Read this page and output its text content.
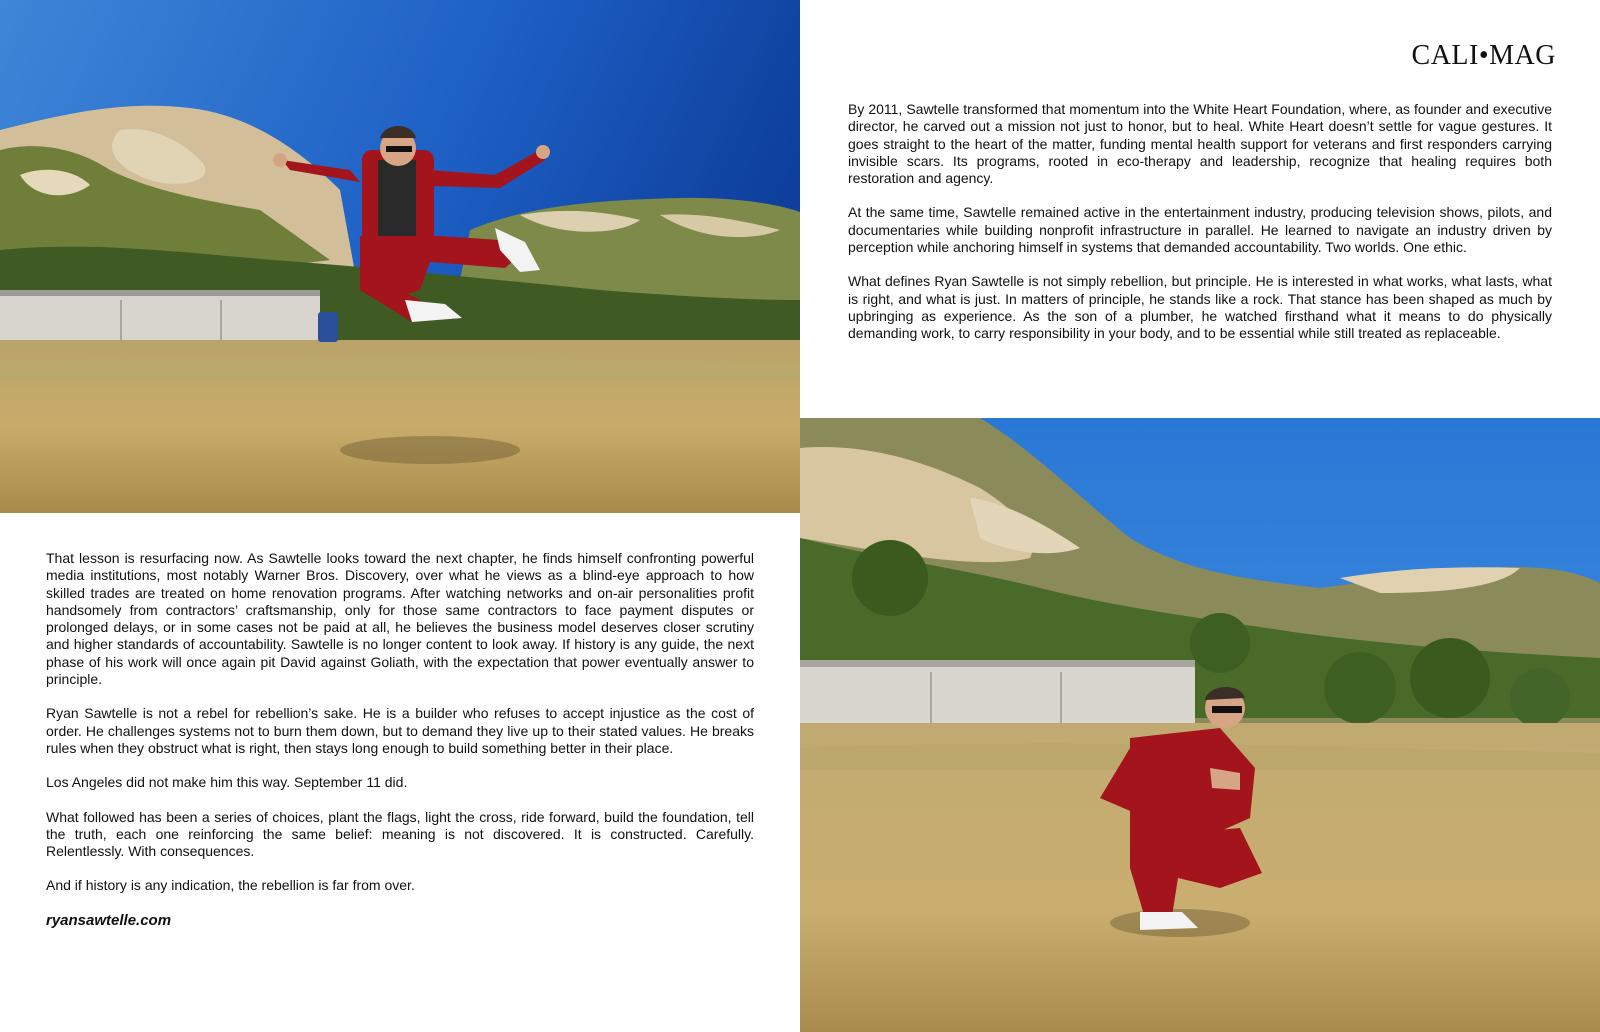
That lesson is resurfacing now. As Sawtelle looks toward the next chapter, he finds himself confronting powerful media institutions, most notably Warner Bros. Discovery, over what he views as a blind-eye approach to how skilled trades are treated on home renovation programs. After watching networks and on-air personalities profit handsomely from contractors’ craftsmanship, only for those same contractors to face payment disputes or prolonged delays, or in some cases not be paid at all, he believes the business model deserves closer scrutiny and higher standards of accountability. Sawtelle is no longer content to look away. If history is any guide, the next phase of his work will once again pit David against Goliath, with the expectation that power eventually answer to principle.

Ryan Sawtelle is not a rebel for rebellion’s sake. He is a builder who refuses to accept injustice as the cost of order. He challenges systems not to burn them down, but to demand they live up to their stated values. He breaks rules when they obstruct what is right, then stays long enough to build something better in their place.

Los Angeles did not make him this way. September 11 did.

What followed has been a series of choices, plant the flags, light the cross, ride forward, build the foundation, tell the truth, each one reinforcing the same belief: meaning is not discovered. It is constructed. Carefully. Relentlessly. With consequences.

And if history is any indication, the rebellion is far from over.

ryansawtelle.com
CALI•MAG

By 2011, Sawtelle transformed that momentum into the White Heart Foundation, where, as founder and executive director, he carved out a mission not just to honor, but to heal. White Heart doesn’t settle for vague gestures. It goes straight to the heart of the matter, funding mental health support for veterans and first responders carrying invisible scars. Its programs, rooted in eco-therapy and leadership, recognize that healing requires both restoration and agency.

At the same time, Sawtelle remained active in the entertainment industry, producing television shows, pilots, and documentaries while building nonprofit infrastructure in parallel. He learned to navigate an industry driven by perception while anchoring himself in systems that demanded accountability. Two worlds. One ethic.

What defines Ryan Sawtelle is not simply rebellion, but principle. He is interested in what works, what lasts, what is right, and what is just. In matters of principle, he stands like a rock. That stance has been shaped as much by upbringing as experience. As the son of a plumber, he watched firsthand what it means to do physically demanding work, to carry responsibility in your body, and to be essential while still treated as replaceable.
